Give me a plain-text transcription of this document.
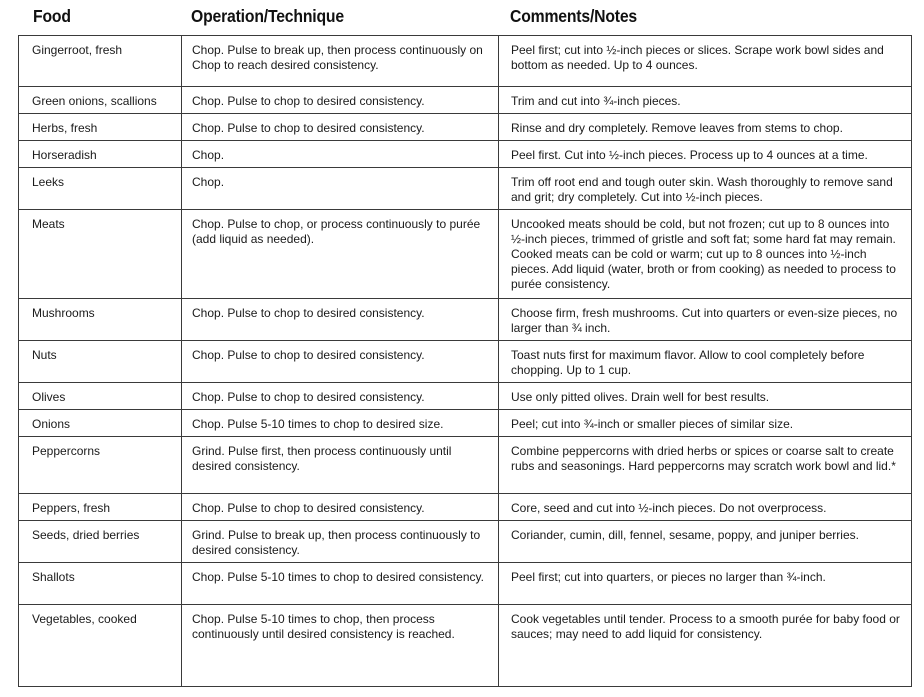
Food	Operation/Technique	Comments/Notes
Gingerroot, fresh	Chop. Pulse to break up, then process continuously on Chop to reach desired consistency.	Peel first; cut into ½-inch pieces or slices. Scrape work bowl sides and bottom as needed. Up to 4 ounces.
Green onions, scallions	Chop. Pulse to chop to desired consistency.	Trim and cut into ¾-inch pieces.
Herbs, fresh	Chop. Pulse to chop to desired consistency.	Rinse and dry completely. Remove leaves from stems to chop.
Horseradish	Chop.	Peel first. Cut into ½-inch pieces. Process up to 4 ounces at a time.
Leeks	Chop.	Trim off root end and tough outer skin. Wash thoroughly to remove sand and grit; dry completely. Cut into ½-inch pieces.
Meats	Chop. Pulse to chop, or process continuously to purée (add liquid as needed).	Uncooked meats should be cold, but not frozen; cut up to 8 ounces into ½-inch pieces, trimmed of gristle and soft fat; some hard fat may remain. Cooked meats can be cold or warm; cut up to 8 ounces into ½-inch pieces. Add liquid (water, broth or from cooking) as needed to process to purée consistency.
Mushrooms	Chop. Pulse to chop to desired consistency.	Choose firm, fresh mushrooms. Cut into quarters or even-size pieces, no larger than ¾ inch.
Nuts	Chop. Pulse to chop to desired consistency.	Toast nuts first for maximum flavor. Allow to cool completely before chopping. Up to 1 cup.
Olives	Chop. Pulse to chop to desired consistency.	Use only pitted olives. Drain well for best results.
Onions	Chop. Pulse 5-10 times to chop to desired size.	Peel; cut into ¾-inch or smaller pieces of similar size.
Peppercorns	Grind. Pulse first, then process continuously until desired consistency.	Combine peppercorns with dried herbs or spices or coarse salt to create rubs and seasonings. Hard peppercorns may scratch work bowl and lid.*
Peppers, fresh	Chop. Pulse to chop to desired consistency.	Core, seed and cut into ½-inch pieces. Do not overprocess.
Seeds, dried berries	Grind. Pulse to break up, then process continuously to desired consistency.	Coriander, cumin, dill, fennel, sesame, poppy, and juniper berries.
Shallots	Chop. Pulse 5-10 times to chop to desired consistency.	Peel first; cut into quarters, or pieces no larger than ¾-inch.
Vegetables, cooked	Chop. Pulse 5-10 times to chop, then process continuously until desired consistency is reached.	Cook vegetables until tender. Process to a smooth purée for baby food or sauces; may need to add liquid for consistency.
